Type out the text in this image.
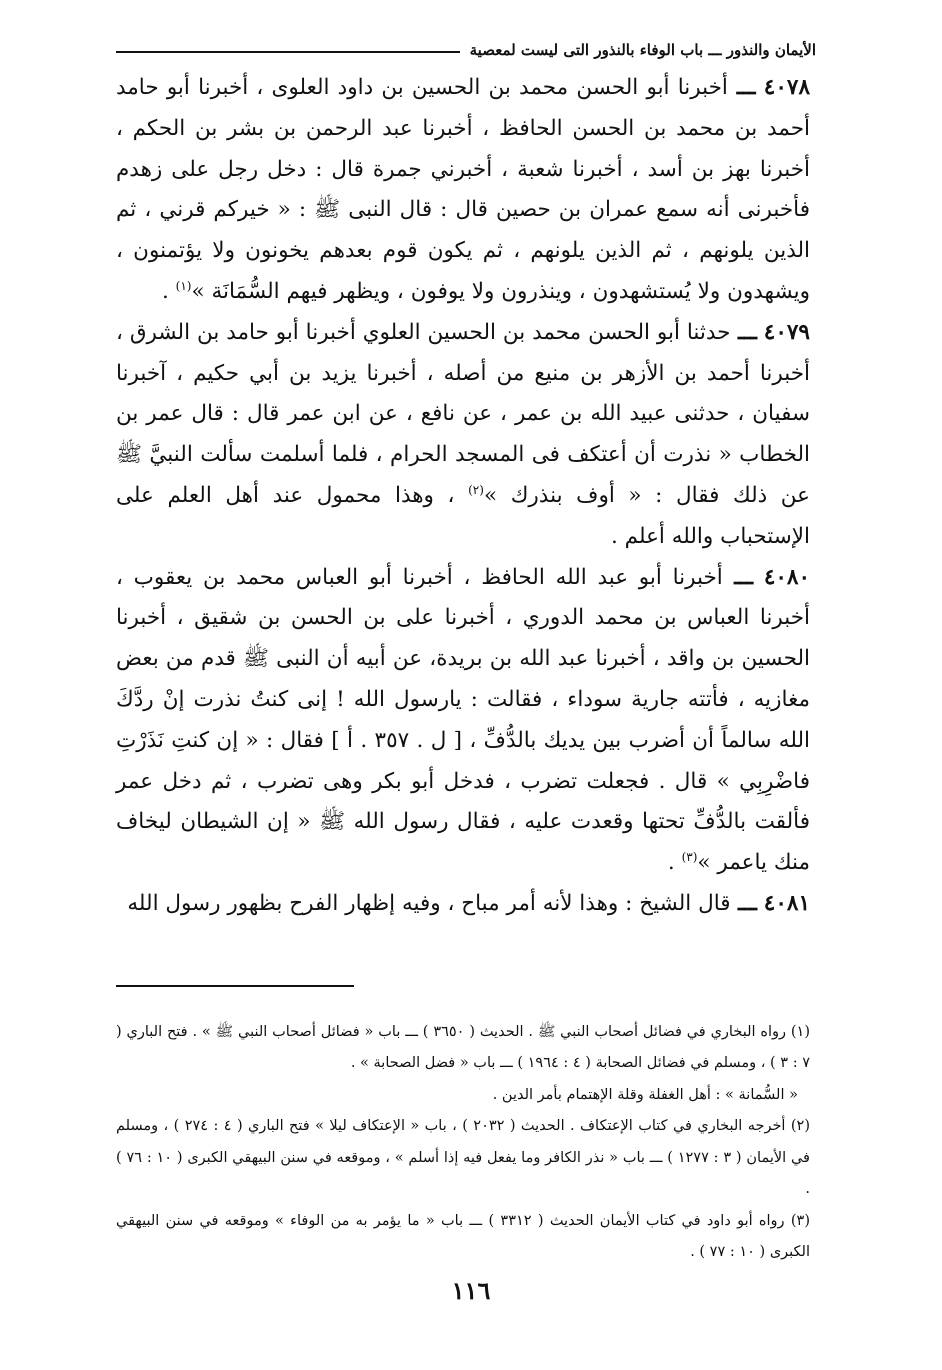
الأيمان والنذور ـــ باب الوفاء بالنذور التى ليست لمعصية

٤٠٧٨ ـــ أخبرنا أبو الحسن محمد بن الحسين بن داود العلوى ، أخبرنا أبو حامد أحمد بن محمد بن الحسن الحافظ ، أخبرنا عبد الرحمن بن بشر بن الحكم ، أخبرنا بهز بن أسد ، أخبرنا شعبة ، أخبرني جمرة قال : دخل رجل على زهدم فأخبرنى أنه سمع عمران بن حصين قال : قال النبى ﷺ : « خيركم قرني ، ثم الذين يلونهم ، ثم الذين يلونهم ، ثم يكون قوم بعدهم يخونون ولا يؤتمنون ، ويشهدون ولا يُستشهدون ، وينذرون ولا يوفون ، ويظهر فيهم السُّمَانَة »$^{(١)}$ .

٤٠٧٩ ـــ حدثنا أبو الحسن محمد بن الحسين العلوي أخبرنا أبو حامد بن الشرق ، أخبرنا أحمد بن الأزهر بن منيع من أصله ، أخبرنا يزيد بن أبي حكيم ، آخبرنا سفيان ، حدثنى عبيد الله بن عمر ، عن نافع ، عن ابن عمر قال : قال عمر بن الخطاب « نذرت أن أعتكف فى المسجد الحرام ، فلما أسلمت سألت النبيَّ ﷺ عن ذلك فقال : « أوف بنذرك »$^{(٢)}$ ، وهذا محمول عند أهل العلم على الإستحباب والله أعلم .

٤٠٨٠ ـــ أخبرنا أبو عبد الله الحافظ ، أخبرنا أبو العباس محمد بن يعقوب ، أخبرنا العباس بن محمد الدوري ، أخبرنا على بن الحسن بن شقيق ، أخبرنا الحسين بن واقد ، أخبرنا عبد الله بن بريدة، عن أبيه أن النبى ﷺ قدم من بعض مغازيه ، فأتته جارية سوداء ، فقالت : يارسول الله ! إنى كنتُ نذرت إنْ ردَّكَ الله سالماً أن أضرب بين يديك بالدُّفِّ ، [ ل . ٣٥٧ . أ ] فقال : « إن كنتِ نَذَرْتِ فاضْرِبِي » قال . فجعلت تضرب ، فدخل أبو بكر وهى تضرب ، ثم دخل عمر فألقت بالدُّفِّ تحتها وقعدت عليه ، فقال رسول الله ﷺ « إن الشيطان ليخاف منك ياعمر »$^{(٣)}$ .

٤٠٨١ ـــ قال الشيخ : وهذا لأنه أمر مباح ، وفيه إظهار الفرح بظهور رسول الله

(١) رواه البخاري في فضائل أصحاب النبي ﷺ . الحديث ( ٣٦٥٠ ) ـــ باب « فضائل أصحاب النبي ﷺ » . فتح الباري ( ٧ : ٣ ) ، ومسلم في فضائل الصحابة ( ٤ : ١٩٦٤ ) ـــ باب « فضل الصحابة » .

« السُّمانة » : أهل الغفلة وقلة الإهتمام بأمر الدين .

(٢) أخرجه البخاري في كتاب الإعتكاف . الحديث ( ٢٠٣٢ ) ، باب « الإعتكاف ليلا » فتح الباري ( ٤ : ٢٧٤ ) ، ومسلم في الأيمان ( ٣ : ١٢٧٧ ) ـــ باب « نذر الكافر وما يفعل فيه إذا أسلم » ، وموقعه في سنن البيهقي الكبرى ( ١٠ : ٧٦ ) .

(٣) رواه أبو داود في كتاب الأيمان الحديث ( ٣٣١٢ ) ـــ باب « ما يؤمر به من الوفاء » وموقعه في سنن البيهقي الكبرى ( ١٠ : ٧٧ ) .

١١٦
